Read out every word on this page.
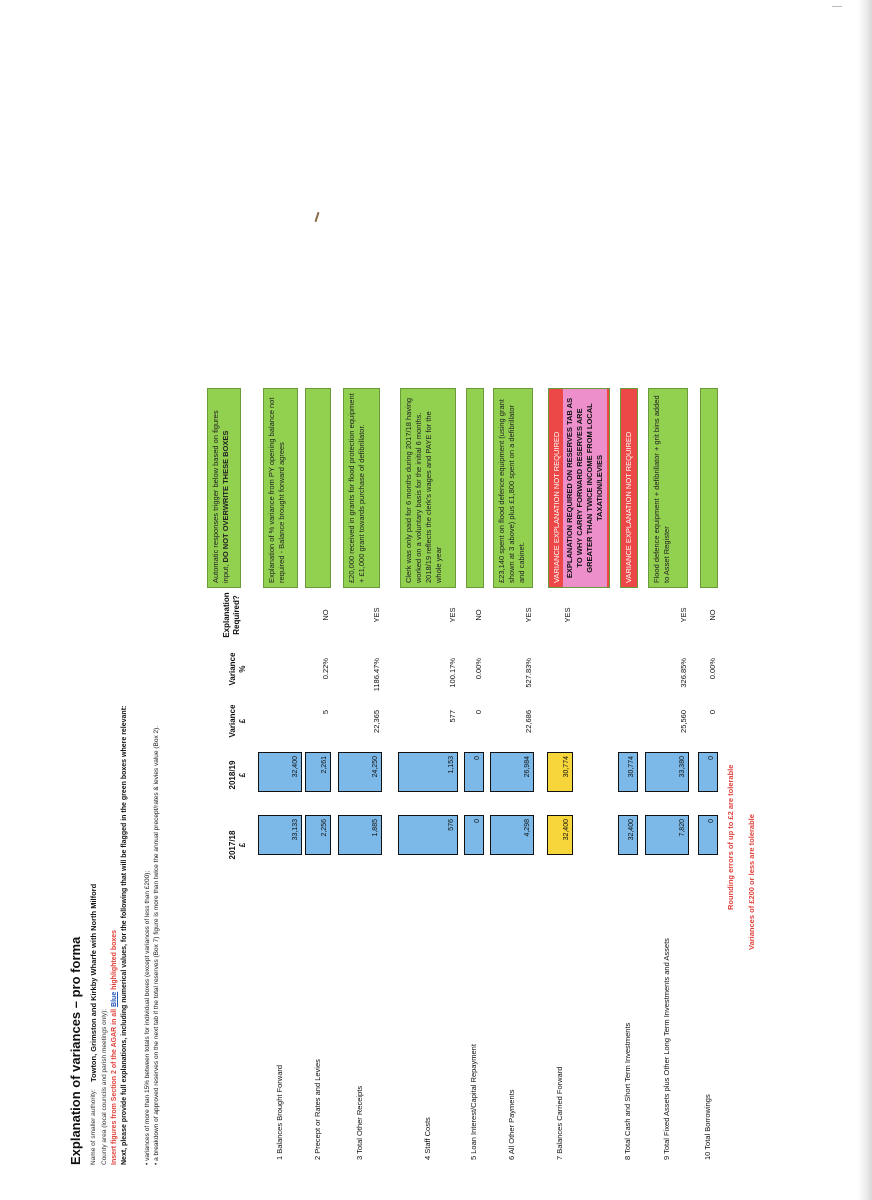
Explanation of variances – pro forma Name of smaller authority:
Towton, Grimston and Kirkby Wharfe with North Milford
County area (local councils and parish meetings only): Insert figures from Section 2 of the AGAR in all Blue highlighted boxes Next, please provide full explanations, including numerical values, for the following that will be flagged in the green boxes where relevant: • variances of more than 15% between totals for individual boxes (except variances of less than £200); • a breakdown of approved reserves on the next tab if the total reserves (Box 7) figure is more than twice the annual precept/rates & levies value (Box 2).	2017/18 £
2018/19 £
Variance £
Variance %
Explanation Required?
Automatic responses trigger below based on figures input, DO NOT OVERWRITE THESE BOXES
1 Balances Brought Forward
33,133
32,400
Explanation of % variance from PY opening balance not required - Balance brought forward agrees
2 Precept or Rates and Levies
2,256
2,261
5
0.22%
NO
3 Total Other Receipts
1,885
24,250
22,365
1186.47%
YES
£20,000 received in grants for flood protection equipment + £1,000 grant towards purchase of defibrillator.
4 Staff Costs
576
1,153
577
100.17%
YES
Clerk was only paid for 6 months during 2017/18 having worked on a voluntary basis for the initial 6 months. 2018/19 reflects the clerk's wages and PAYE for the whole year
5 Loan Interest/Capital Repayment
0
0
0
0.00%
NO
6 All Other Payments
4,298
26,984
22,686
527.83%
YES
£23,140 spent on flood defence equipment (using grant shown at 3 above) plus £1,800 spent on a defibrillator and cabinet.
7 Balances Carried Forward
32,400
30,774
YES
VARIANCE EXPLANATION NOT REQUIRED EXPLANATION REQUIRED ON RESERVES TAB AS TO WHY CARRY FORWARD RESERVES ARE GREATER THAN TWICE INCOME FROM LOCAL TAXATION/LEVIES
8 Total Cash and Short Term Investments
32,400
30,774
VARIANCE EXPLANATION NOT REQUIRED
9 Total Fixed Assets plus Other Long Term Investments and Assets
7,820
33,380
25,560
326.85%
YES
Flood defence equipment + defibrillator + grit bins added to Asset Register
10 Total Borrowings
0
0
0
0.00%
NO
Rounding errors of up to £2 are tolerable Variances of £200 or less are tolerable
